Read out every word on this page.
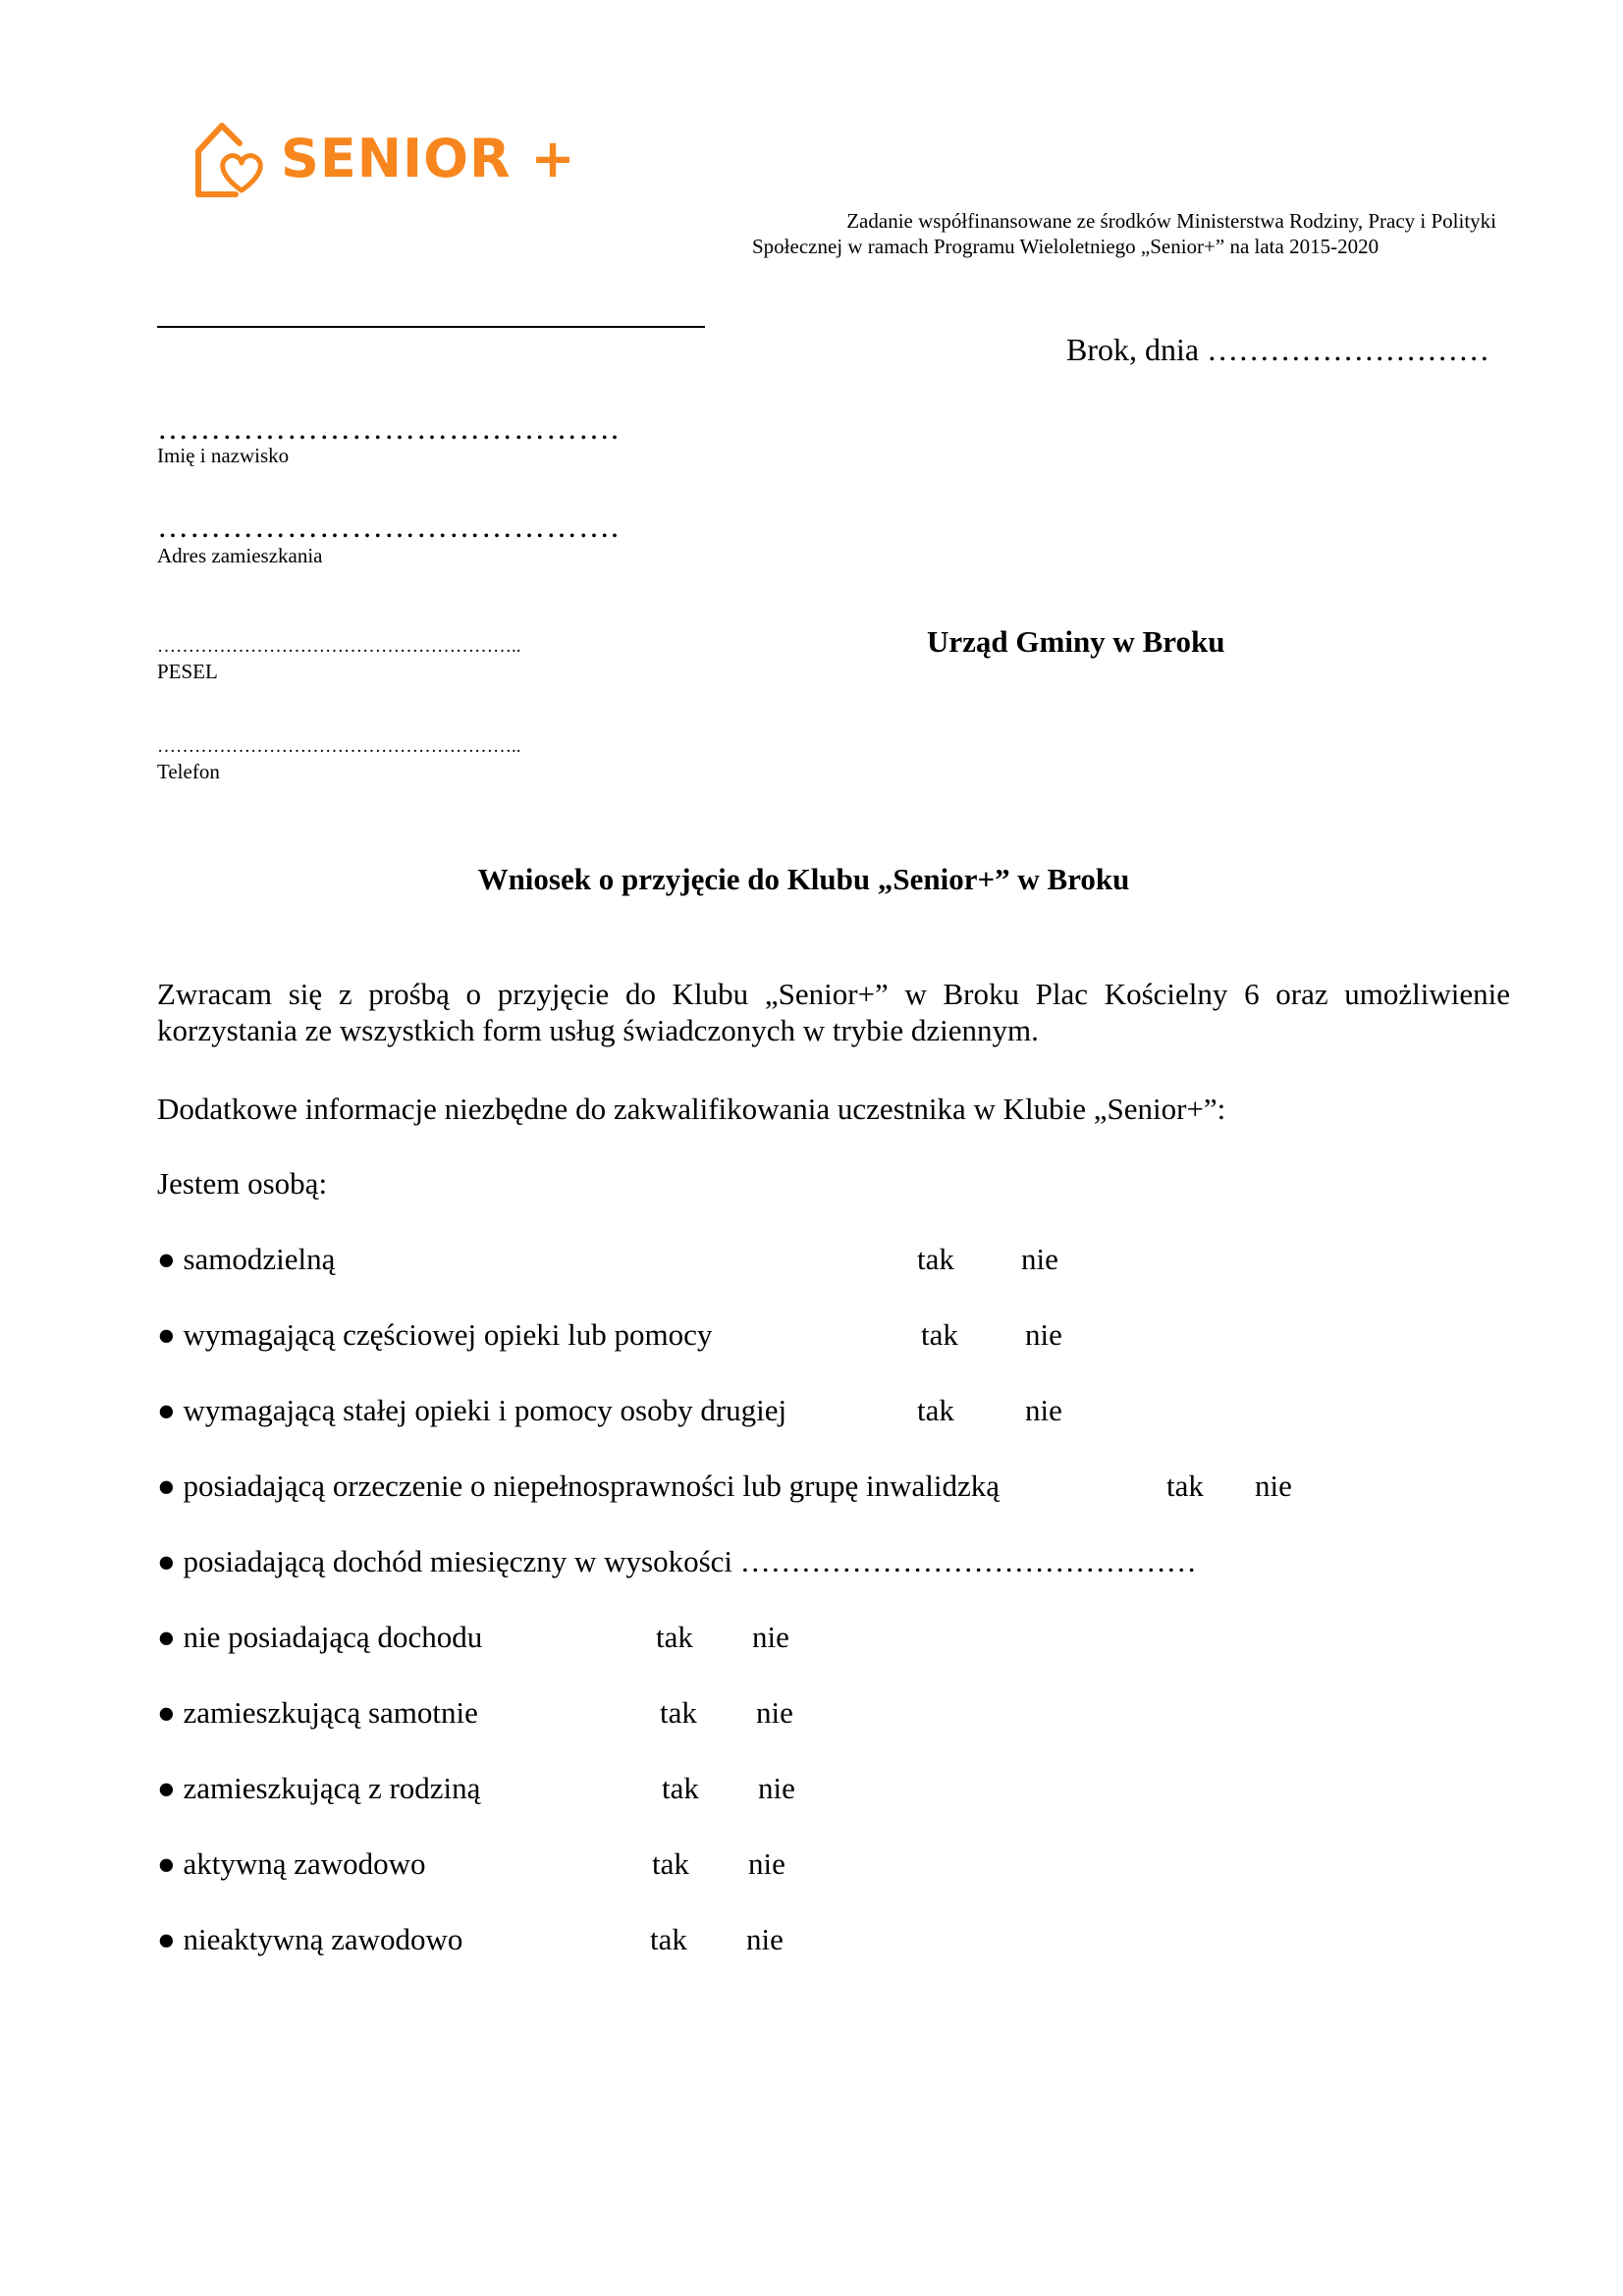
SENIOR +
Zadanie współfinansowane ze środków Ministerstwa Rodziny, Pracy i Polityki
Społecznej w ramach Programu Wieloletniego „Senior+” na lata 2015-2020
Brok, dnia ………………………
…………………………………….
Imię i nazwisko
…………………………………….
Adres zamieszkania
…………………………………………………..
PESEL
…………………………………………………..
Telefon
Urząd Gminy w Broku
Wniosek o przyjęcie do Klubu „Senior+” w Broku
Zwracam się z prośbą o przyjęcie do Klubu „Senior+” w Broku Plac Kościelny 6 oraz umożliwienie
korzystania ze wszystkich form usług świadczonych w trybie dziennym.
Dodatkowe informacje niezbędne do zakwalifikowania uczestnika w Klubie „Senior+”:
Jestem osobą:
● samodzielną	tak nie
● wymagającą częściowej opieki lub pomocy	tak nie
● wymagającą stałej opieki i pomocy osoby drugiej	tak nie
● posiadającą orzeczenie o niepełnosprawności lub grupę inwalidzką	tak nie
● posiadającą dochód miesięczny w wysokości ………………………………………
● nie posiadającą dochodu	tak nie
● zamieszkującą samotnie	tak nie
● zamieszkującą z rodziną	tak nie
● aktywną zawodowo	tak nie
● nieaktywną zawodowo	tak nie
